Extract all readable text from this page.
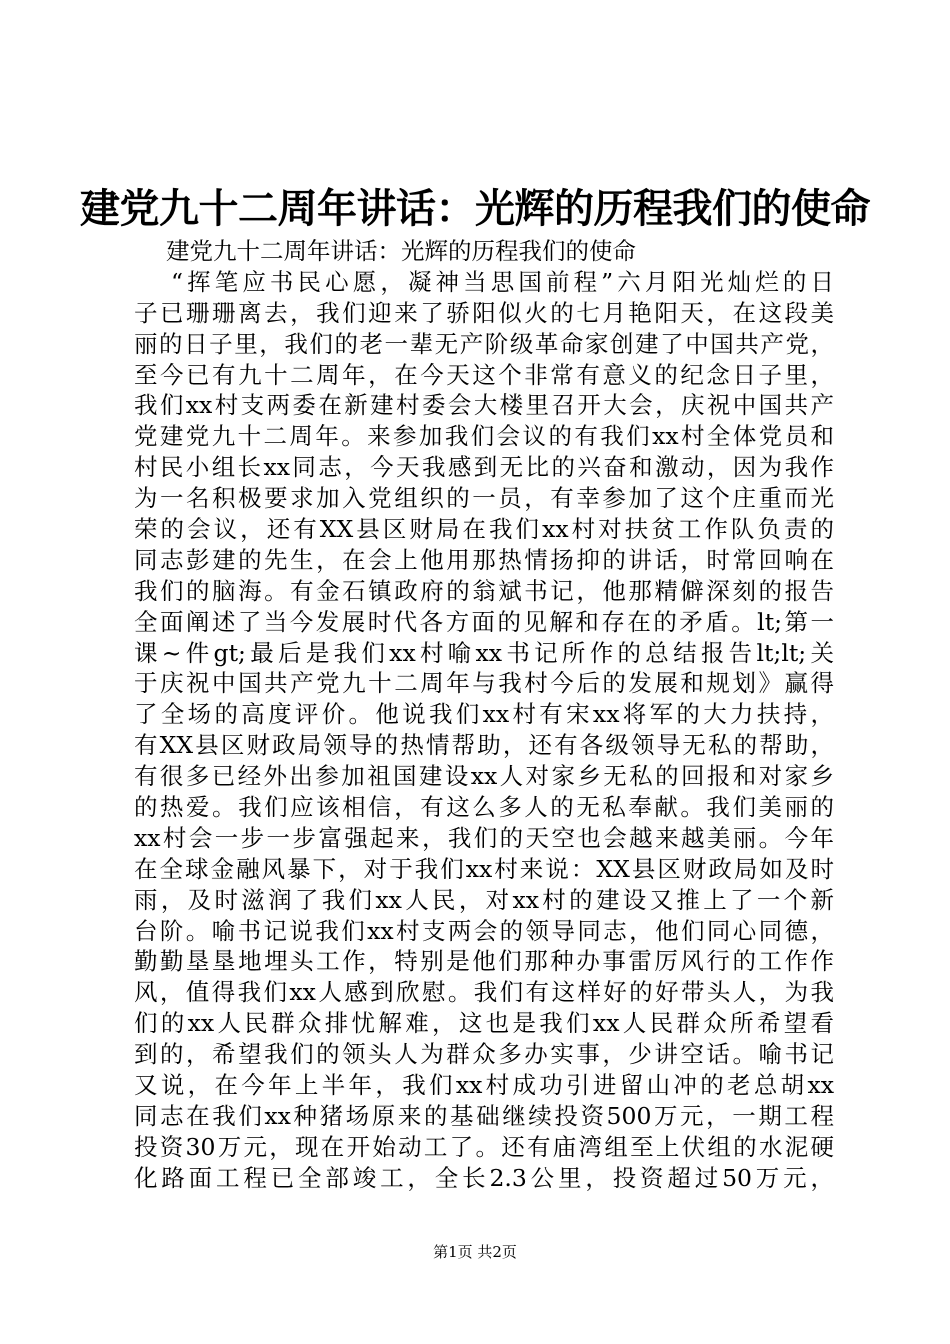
建党九十二周年讲话：光辉的历程我们的使命
建党九十二周年讲话：光辉的历程我们的使命
“挥笔应书民心愿，凝神当思国前程”六月阳光灿烂的日
子已珊珊离去，我们迎来了骄阳似火的七月艳阳天，在这段美
丽的日子里，我们的老一辈无产阶级革命家创建了中国共产党，
至今已有九十二周年，在今天这个非常有意义的纪念日子里，
我们xx村支两委在新建村委会大楼里召开大会，庆祝中国共产
党建党九十二周年。来参加我们会议的有我们xx村全体党员和
村民小组长xx同志，今天我感到无比的兴奋和激动，因为我作
为一名积极要求加入党组织的一员，有幸参加了这个庄重而光
荣的会议，还有XX县区财局在我们xx村对扶贫工作队负责的
同志彭建的先生，在会上他用那热情扬抑的讲话，时常回响在
我们的脑海。有金石镇政府的翁斌书记，他那精僻深刻的报告
全面阐述了当今发展时代各方面的见解和存在的矛盾。lt;第一
课~件gt;最后是我们xx村喻xx书记所作的总结报告lt;lt;关
于庆祝中国共产党九十二周年与我村今后的发展和规划》赢得
了全场的高度评价。他说我们xx村有宋xx将军的大力扶持，
有XX县区财政局领导的热情帮助，还有各级领导无私的帮助，
有很多已经外出参加祖国建设xx人对家乡无私的回报和对家乡
的热爱。我们应该相信，有这么多人的无私奉献。我们美丽的
xx村会一步一步富强起来，我们的天空也会越来越美丽。今年
在全球金融风暴下，对于我们xx村来说：XX县区财政局如及时
雨，及时滋润了我们xx人民，对xx村的建设又推上了一个新
台阶。喻书记说我们xx村支两会的领导同志，他们同心同德，
勤勤垦垦地埋头工作，特别是他们那种办事雷厉风行的工作作
风，值得我们xx人感到欣慰。我们有这样好的好带头人，为我
们的xx人民群众排忧解难，这也是我们xx人民群众所希望看
到的，希望我们的领头人为群众多办实事，少讲空话。喻书记
又说，在今年上半年，我们xx村成功引进留山冲的老总胡xx
同志在我们xx种猪场原来的基础继续投资500万元，一期工程
投资30万元，现在开始动工了。还有庙湾组至上伏组的水泥硬
化路面工程已全部竣工，全长2.3公里，投资超过50万元，
第1页 共2页
